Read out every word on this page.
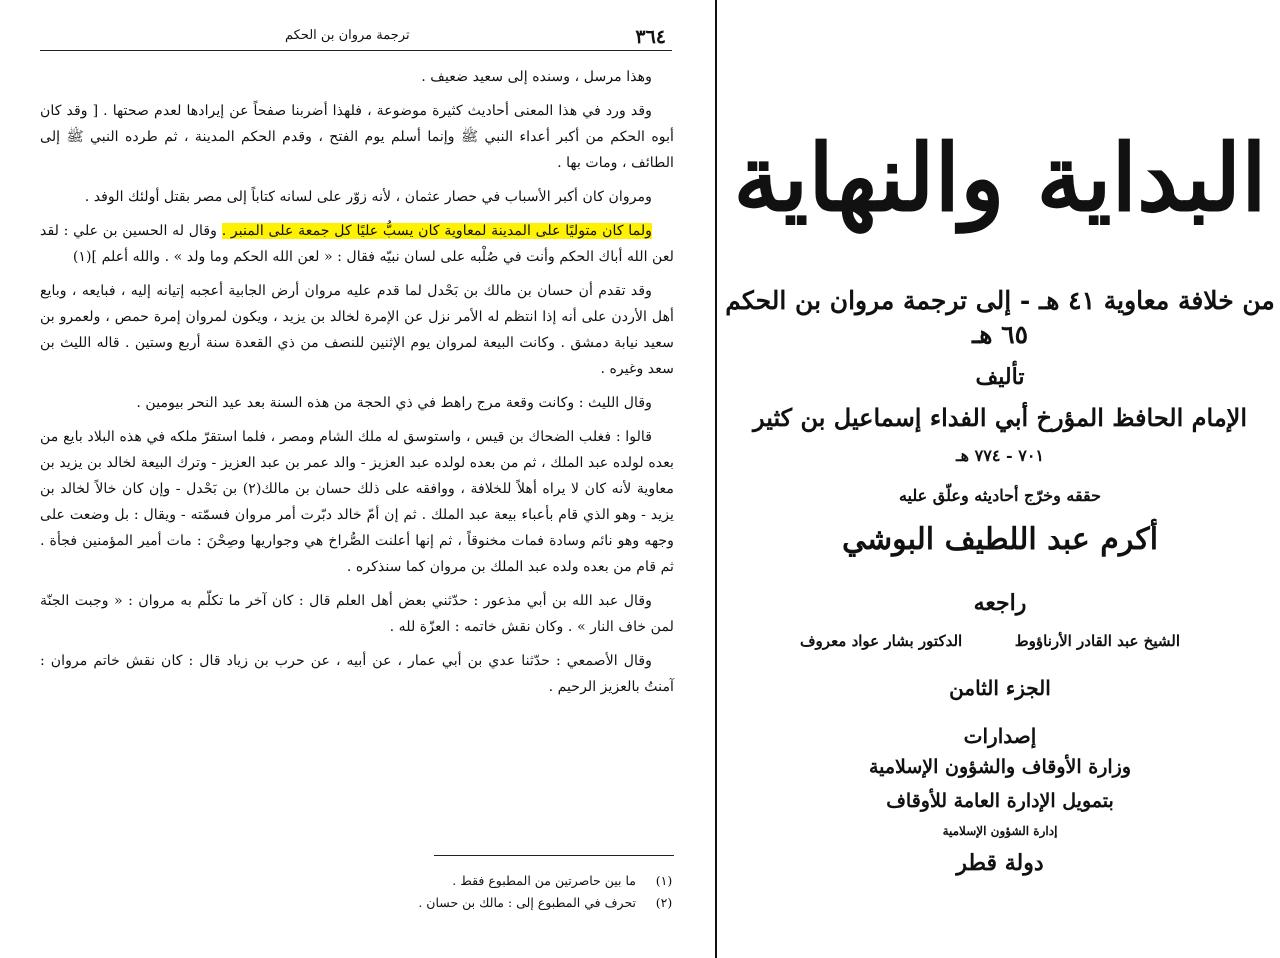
٣٦٤
ترجمة مروان بن الحكم

وهذا مرسل ، وسنده إلى سعيد ضعيف .

وقد ورد في هذا المعنى أحاديث كثيرة موضوعة ، فلهذا أضربنا صفحاً عن إيرادها لعدم صحتها . [ وقد كان أبوه الحكم من أكبر أعداء النبي ﷺ وإنما أسلم يوم الفتح ، وقدم الحكم المدينة ، ثم طرده النبي ﷺ إلى الطائف ، ومات بها .

ومروان كان أكبر الأسباب في حصار عثمان ، لأنه زوّر على لسانه كتاباً إلى مصر بقتل أولئك الوفد .

ولما كان متوليًا على المدينة لمعاوية كان يسبُّ عليًا كل جمعة على المنبر . وقال له الحسين بن علي : لقد لعن الله أباك الحكم وأنت في صُلْبه على لسان نبيّه فقال : « لعن الله الحكم وما ولد » . والله أعلم ](١)

وقد تقدم أن حسان بن مالك بن بَحْدل لما قدم عليه مروان أرض الجابية أعجبه إتيانه إليه ، فبايعه ، وبايع أهل الأردن على أنه إذا انتظم له الأمر نزل عن الإمرة لخالد بن يزيد ، ويكون لمروان إمرة حمص ، ولعمرو بن سعيد نيابة دمشق . وكانت البيعة لمروان يوم الإثنين للنصف من ذي القعدة سنة أربع وستين . قاله الليث بن سعد وغيره .

وقال الليث : وكانت وقعة مرج راهط في ذي الحجة من هذه السنة بعد عيد النحر بيومين .

قالوا : فغلب الضحاك بن قيس ، واستوسق له ملك الشام ومصر ، فلما استقرّ ملكه في هذه البلاد بايع من بعده لولده عبد الملك ، ثم من بعده لولده عبد العزيز - والد عمر بن عبد العزيز - وترك البيعة لخالد بن يزيد بن معاوية لأنه كان لا يراه أهلاً للخلافة ، ووافقه على ذلك حسان بن مالك(٢) بن بَحْدل - وإن كان خالاً لخالد بن يزيد - وهو الذي قام بأعباء بيعة عبد الملك . ثم إن أمّ خالد دبّرت أمر مروان فسمّته - ويقال : بل وضعت على وجهه وهو نائم وسادة فمات مخنوقاً ، ثم إنها أعلنت الصُّراخ هي وجواريها وصِحْنَ : مات أمير المؤمنين فجأة . ثم قام من بعده ولده عبد الملك بن مروان كما سنذكره .

وقال عبد الله بن أبي مذعور : حدّثني بعض أهل العلم قال : كان آخر ما تكلّم به مروان : « وجبت الجنّة لمن خاف النار » . وكان نقش خاتمه : العزّة لله .

وقال الأصمعي : حدّثنا عدي بن أبي عمار ، عن أبيه ، عن حرب بن زياد قال : كان نقش خاتم مروان : آمنتُ بالعزيز الرحيم .

(١)
ما بين حاصرتين من المطبوع فقط .
(٢)
تحرف في المطبوع إلى : مالك بن حسان .
البداية والنهاية
من خلافة معاوية ٤١ هـ - إلى ترجمة مروان بن الحكم ٦٥ هـ
تأليف
الإمام الحافظ المؤرخ أبي الفداء إسماعيل بن كثير
٧٠١ - ٧٧٤ هـ
حققه وخرّج أحاديثه وعلّق عليه
أكرم عبد اللطيف البوشي
راجعه
الشيخ عبد القادر الأرناؤوط
الدكتور بشار عواد معروف
الجزء الثامن
إصدارات
وزارة الأوقاف والشؤون الإسلامية
بتمويل الإدارة العامة للأوقاف
إدارة الشؤون الإسلامية
دولة قطر
